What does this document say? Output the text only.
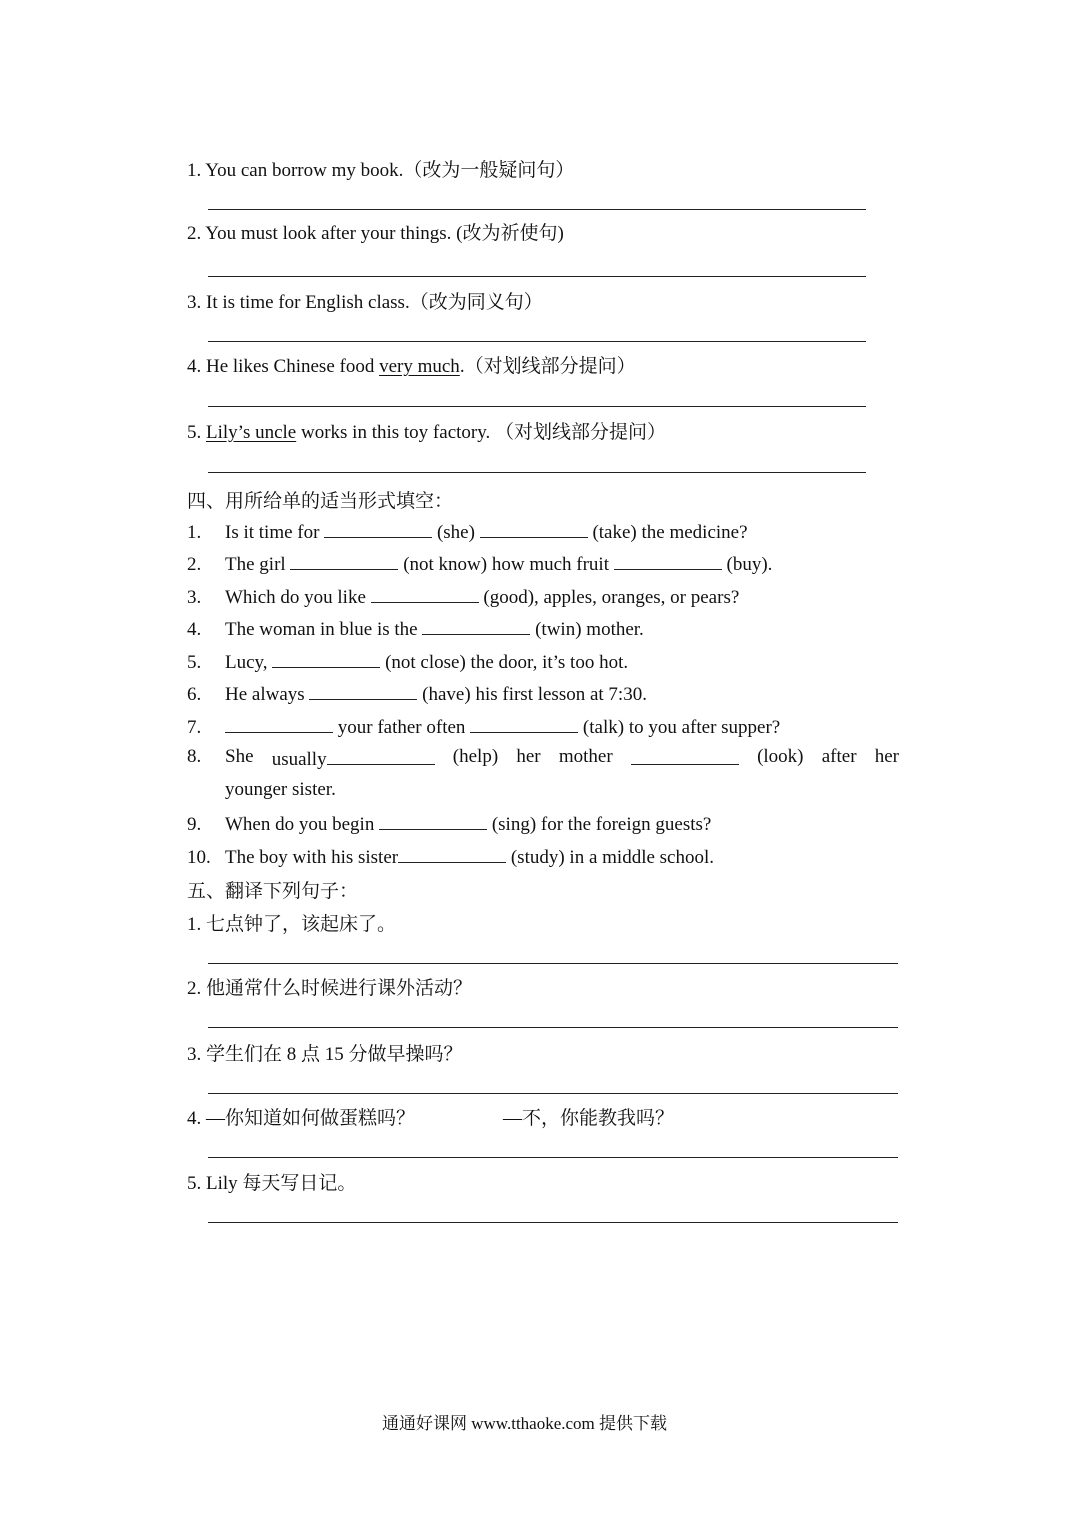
1. You can borrow my book.（改为一般疑问句）
2. You must look after your things. (改为祈使句)
3. It is time for English class.（改为同义句）
4. He likes Chinese food very much.（对划线部分提问）
5. Lily’s uncle works in this toy factory. （对划线部分提问）
四、用所给单的适当形式填空：
1. Is it time for	(she)	(take) the medicine?
2. The girl	(not know) how much fruit	(buy).
3. Which do you like	(good), apples, oranges, or pears?
4. The woman in blue is the	(twin) mother.
5. Lucy,	(not close) the door, it’s too hot.
6. He always	(have) his first lesson at 7:30.
7.	your father often	(talk) to you after supper?
8.	She usually	(help) her mother	(look) after her
younger sister.
9. When do you begin	(sing) for the foreign guests?
10. The boy with his sister	(study) in a middle school.
五、翻译下列句子：
1. 七点钟了，该起床了。
2. 他通常什么时候进行课外活动？
3. 学生们在 8 点 15 分做早操吗？
4. —你知道如何做蛋糕吗？	—不，你能教我吗？
5. Lily 每天写日记。
通通好课网 www.tthaoke.com 提供下载
